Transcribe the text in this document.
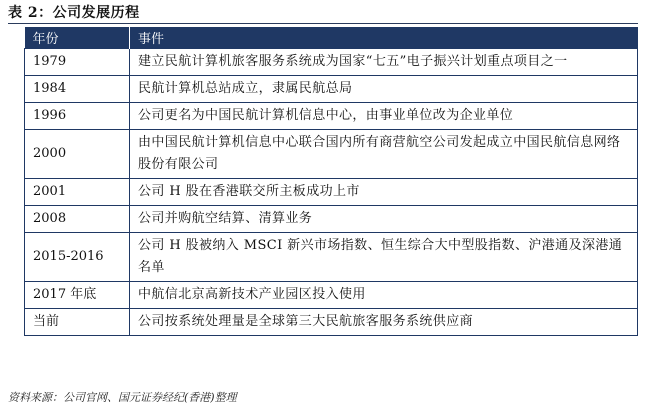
表 2：公司发展历程
年份	事件
1979	建立民航计算机旅客服务系统成为国家“七五”电子振兴计划重点项目之一
1984	民航计算机总站成立，隶属民航总局
1996	公司更名为中国民航计算机信息中心，由事业单位改为企业单位
2000	由中国民航计算机信息中心联合国内所有商营航空公司发起成立中国民航信息网络股份有限公司
2001	公司 H 股在香港联交所主板成功上市
2008	公司并购航空结算、清算业务
2015-2016	公司 H 股被纳入 MSCI 新兴市场指数、恒生综合大中型股指数、沪港通及深港通名单
2017 年底	中航信北京高新技术产业园区投入使用
当前	公司按系统处理量是全球第三大民航旅客服务系统供应商
资料来源：公司官网、国元证券经纪(香港)整理
